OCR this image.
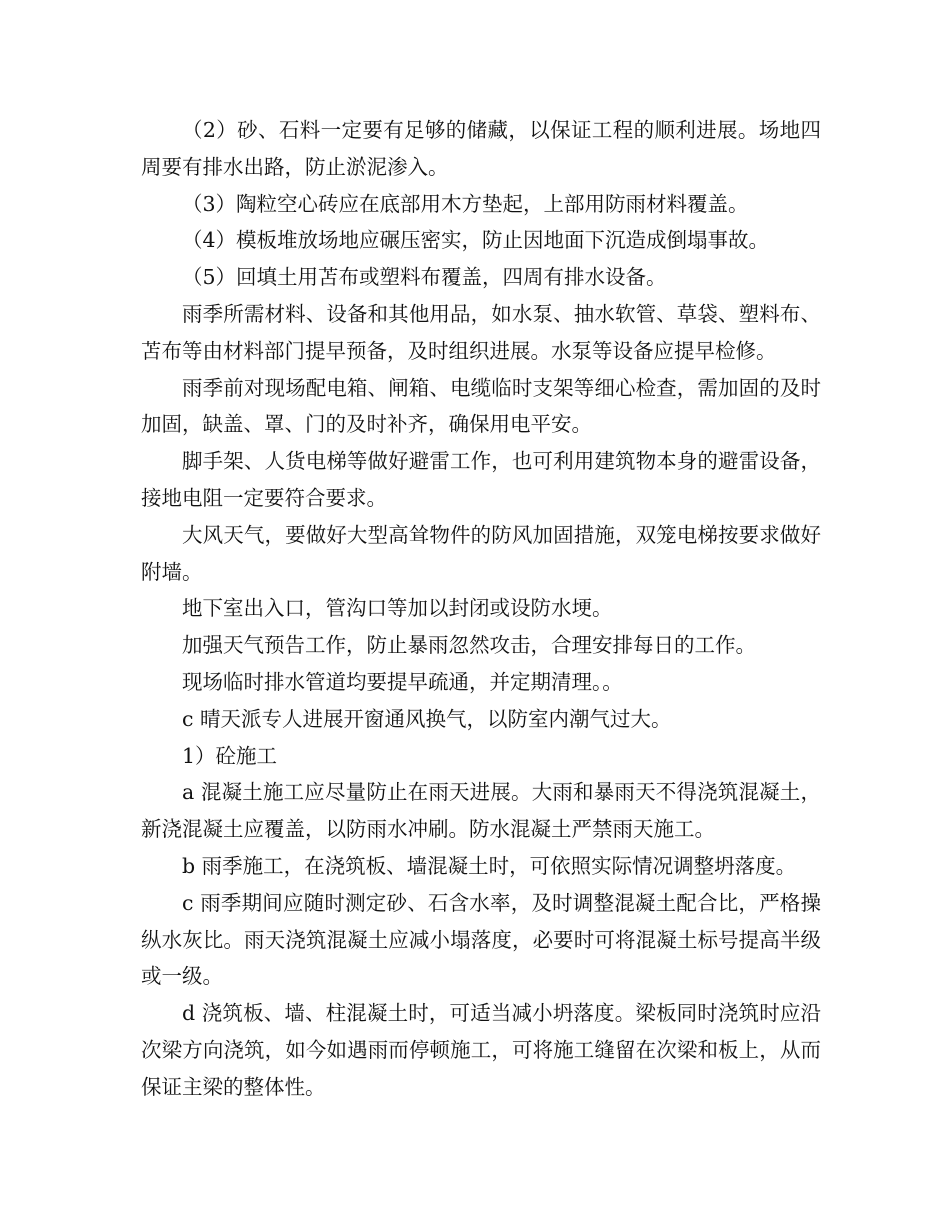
（2）砂、石料一定要有足够的储藏，以保证工程的顺利进展。场地四周要有排水出路，防止淤泥渗入。

（3）陶粒空心砖应在底部用木方垫起，上部用防雨材料覆盖。

（4）模板堆放场地应碾压密实，防止因地面下沉造成倒塌事故。

（5）回填土用苫布或塑料布覆盖，四周有排水设备。

雨季所需材料、设备和其他用品，如水泵、抽水软管、草袋、塑料布、苫布等由材料部门提早预备，及时组织进展。水泵等设备应提早检修。

雨季前对现场配电箱、闸箱、电缆临时支架等细心检查，需加固的及时加固，缺盖、罩、门的及时补齐，确保用电平安。

脚手架、人货电梯等做好避雷工作，也可利用建筑物本身的避雷设备，接地电阻一定要符合要求。

大风天气，要做好大型高耸物件的防风加固措施，双笼电梯按要求做好附墙。

地下室出入口，管沟口等加以封闭或设防水埂。

加强天气预告工作，防止暴雨忽然攻击，合理安排每日的工作。

现场临时排水管道均要提早疏通，并定期清理。。

c 晴天派专人进展开窗通风换气，以防室内潮气过大。

1）砼施工

a 混凝土施工应尽量防止在雨天进展。大雨和暴雨天不得浇筑混凝土，新浇混凝土应覆盖，以防雨水冲刷。防水混凝土严禁雨天施工。

b 雨季施工，在浇筑板、墙混凝土时，可依照实际情况调整坍落度。

c 雨季期间应随时测定砂、石含水率，及时调整混凝土配合比，严格操纵水灰比。雨天浇筑混凝土应减小塌落度，必要时可将混凝土标号提高半级或一级。

d 浇筑板、墙、柱混凝土时，可适当减小坍落度。梁板同时浇筑时应沿次梁方向浇筑，如今如遇雨而停顿施工，可将施工缝留在次梁和板上，从而保证主梁的整体性。
